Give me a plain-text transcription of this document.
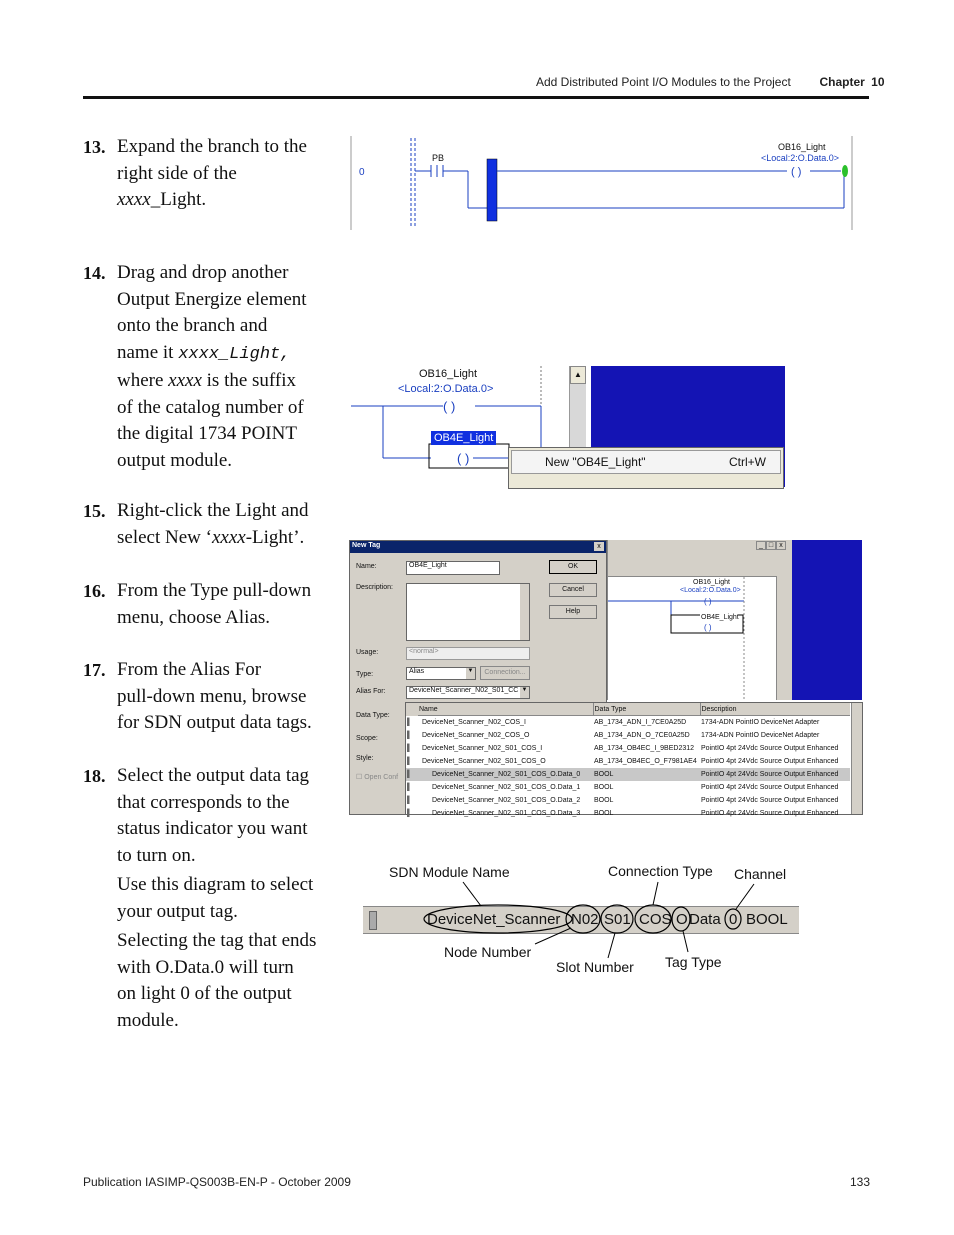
Add Distributed Point I/O Modules to the Project Chapter 10
13. Expand the branch to the
right side of the
xxxx_Light.
14. Drag and drop another
Output Energize element
onto the branch and
name it xxxx_Light,
where xxxx is the suffix
of the catalog number of
the digital 1734 POINT
output module.
15. Right-click the Light and
select New ‘xxxx-Light’.
16. From the Type pull-down
menu, choose Alias.
17. From the Alias For
pull-down menu, browse
for SDN output data tags.
18. Select the output data tag
that corresponds to the
status indicator you want
to turn on.
Use this diagram to select
your output tag.
Selecting the tag that ends
with O.Data.0 will turn
on light 0 of the output
module.
0
PB
OB16_Light
<Local:2:O.Data.0>
( )
OB16_Light
<Local:2:O.Data.0>
( )
( )
OB4E_Light
▲
New "OB4E_Light"	Ctrl+W
New Tag	x
Name:	OB4E_Light
Description:
Usage:	<normal>
Type:	Alias	▼	Connection...
Alias For:	DeviceNet_Scanner_N02_S01_CC ▼
Data Type:
Scope:
Style:
☐ Open Conf
OK
Cancel
Help
_ □ x
OB16_Light
<Local:2:O.Data.0>
( )
( )
OB4E_Light
	Name	Data Type	Description
▌	DeviceNet_Scanner_N02_COS_I	AB_1734_ADN_I_7CE0A25D	1734-ADN PointIO DeviceNet Adapter
▌	DeviceNet_Scanner_N02_COS_O	AB_1734_ADN_O_7CE0A25D	1734-ADN PointIO DeviceNet Adapter
▌	DeviceNet_Scanner_N02_S01_COS_I	AB_1734_OB4EC_I_9BED2312	PointIO 4pt 24Vdc Source Output Enhanced
▌	DeviceNet_Scanner_N02_S01_COS_O	AB_1734_OB4EC_O_F7981AE4	PointIO 4pt 24Vdc Source Output Enhanced
▌	DeviceNet_Scanner_N02_S01_COS_O.Data_0	BOOL	PointIO 4pt 24Vdc Source Output Enhanced
▌	DeviceNet_Scanner_N02_S01_COS_O.Data_1	BOOL	PointIO 4pt 24Vdc Source Output Enhanced
▌	DeviceNet_Scanner_N02_S01_COS_O.Data_2	BOOL	PointIO 4pt 24Vdc Source Output Enhanced
▌	DeviceNet_Scanner_N02_S01_COS_O.Data_3	BOOL	PointIO 4pt 24Vdc Source Output Enhanced
SDN Module Name	Connection Type Channel
Node Number
Slot Number Tag Type
DeviceNet_Scanner N02 S01 COS O Data 0 BOOL
Publication IASIMP-QS003B-EN-P - October 2009	133
